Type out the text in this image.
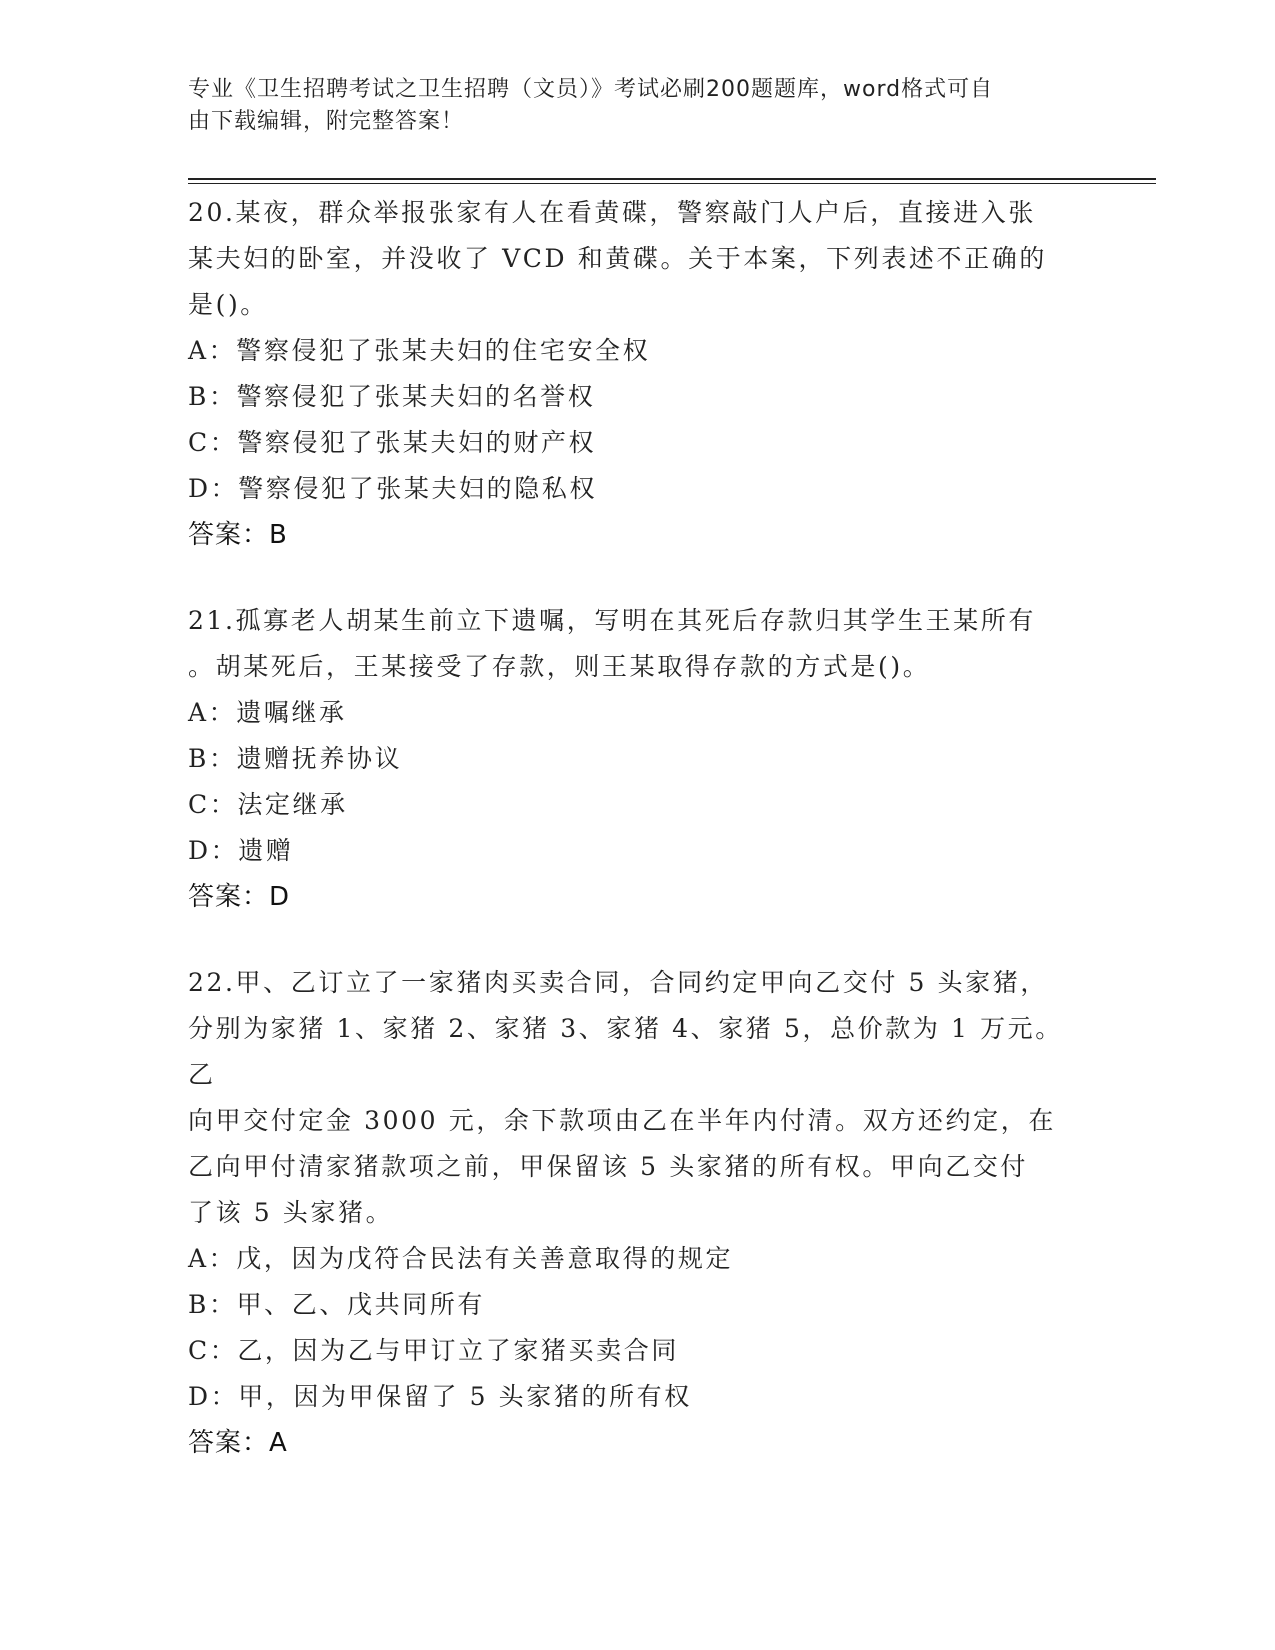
专业《卫生招聘考试之卫生招聘（文员）》考试必刷200题题库，word格式可自
由下载编辑，附完整答案！
20.某夜，群众举报张家有人在看黄碟，警察敲门人户后，直接进入张
某夫妇的卧室，并没收了 VCD 和黄碟。关于本案，下列表述不正确的
是()。
A：警察侵犯了张某夫妇的住宅安全权
B：警察侵犯了张某夫妇的名誉权
C：警察侵犯了张某夫妇的财产权
D：警察侵犯了张某夫妇的隐私权
答案：B
21.孤寡老人胡某生前立下遗嘱，写明在其死后存款归其学生王某所有
。胡某死后，王某接受了存款，则王某取得存款的方式是()。
A：遗嘱继承
B：遗赠抚养协议
C：法定继承
D：遗赠
答案：D
22.甲、乙订立了一家猪肉买卖合同，合同约定甲向乙交付 5 头家猪，
分别为家猪 1、家猪 2、家猪 3、家猪 4、家猪 5，总价款为 1 万元。乙
向甲交付定金 3000 元，余下款项由乙在半年内付清。双方还约定，在
乙向甲付清家猪款项之前，甲保留该 5 头家猪的所有权。甲向乙交付
了该 5 头家猪。
A：戊，因为戊符合民法有关善意取得的规定
B：甲、乙、戊共同所有
C：乙，因为乙与甲订立了家猪买卖合同
D：甲，因为甲保留了 5 头家猪的所有权
答案：A
